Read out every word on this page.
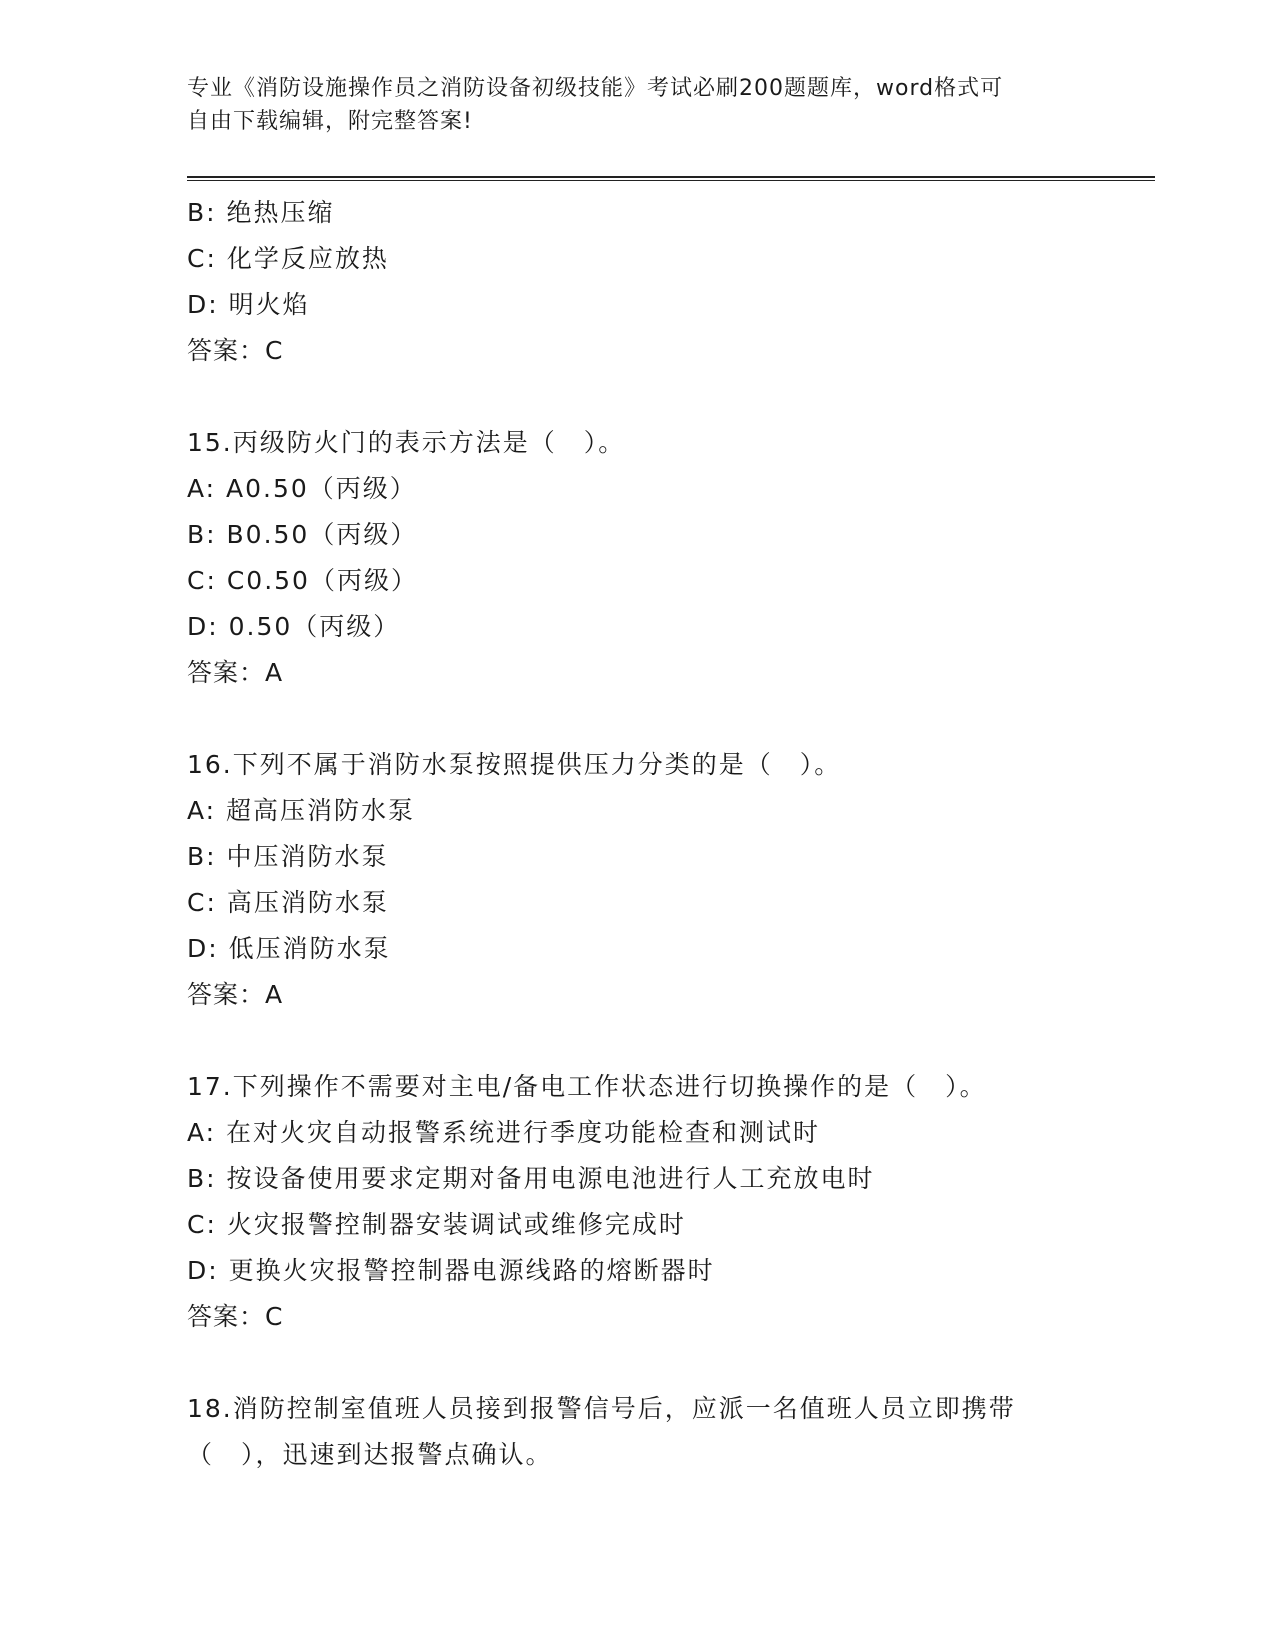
专业《消防设施操作员之消防设备初级技能》考试必刷200题题库，word格式可
自由下载编辑，附完整答案!
B: 绝热压缩
C: 化学反应放热
D: 明火焰
答案：C
15.丙级防火门的表示方法是（　）。
A: A0.50（丙级）
B: B0.50（丙级）
C: C0.50（丙级）
D: 0.50（丙级）
答案：A
16.下列不属于消防水泵按照提供压力分类的是（　）。
A: 超高压消防水泵
B: 中压消防水泵
C: 高压消防水泵
D: 低压消防水泵
答案：A
17.下列操作不需要对主电/备电工作状态进行切换操作的是（　）。
A: 在对火灾自动报警系统进行季度功能检查和测试时
B: 按设备使用要求定期对备用电源电池进行人工充放电时
C: 火灾报警控制器安装调试或维修完成时
D: 更换火灾报警控制器电源线路的熔断器时
答案：C
18.消防控制室值班人员接到报警信号后，应派一名值班人员立即携带
（　），迅速到达报警点确认。
